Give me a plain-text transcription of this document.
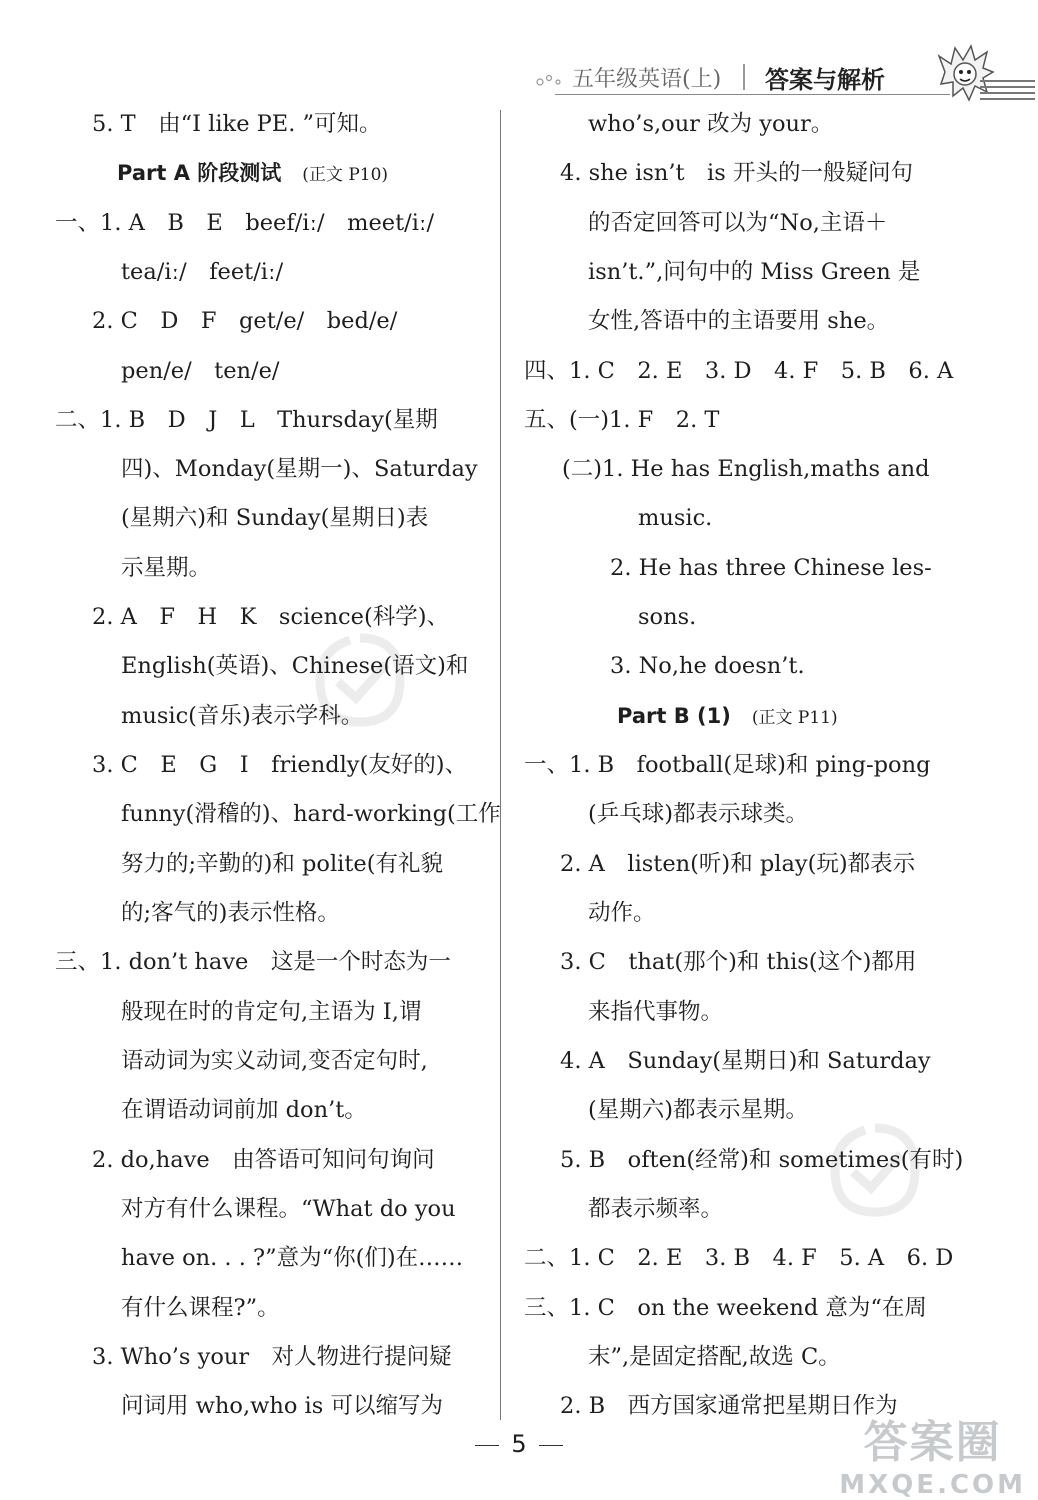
五年级英语(上) 答案与解析
5. T　由“I like PE. ”可知。
Part A 阶段测试　 (正文 P10)
一、1. A　B　E　beef/iː/　meet/iː/
tea/iː/　feet/iː/
2. C　D　F　get/e/　bed/e/
pen/e/　ten/e/
二、1. B　D　J　L　Thursday(星期
四)、Monday(星期一)、Saturday
(星期六)和 Sunday(星期日)表
示星期。
2. A　F　H　K　science(科学)、
English(英语)、Chinese(语文)和
music(音乐)表示学科。
3. C　E　G　I　friendly(友好的)、
funny(滑稽的)、hard-working(工作
努力的;辛勤的)和 polite(有礼貌
的;客气的)表示性格。
三、1. don’t have　这是一个时态为一
般现在时的肯定句,主语为 I,谓
语动词为实义动词,变否定句时,
在谓语动词前加 don’t。
2. do,have　由答语可知问句询问
对方有什么课程。“What do you
have on. . . ?”意为“你(们)在……
有什么课程?”。
3. Who’s your　对人物进行提问疑
问词用 who,who is 可以缩写为
who’s,our 改为 your。
4. she isn’t　is 开头的一般疑问句
的否定回答可以为“No,主语＋
isn’t.”,问句中的 Miss Green 是
女性,答语中的主语要用 she。
四、1. C　2. E　3. D　4. F　5. B　6. A
五、(一)1. F　2. T
(二)1. He has English,maths and
music.
2. He has three Chinese les-
sons.
3. No,he doesn’t.
Part B (1)　 (正文 P11)
一、1. B　football(足球)和 ping-pong
(乒乓球)都表示球类。
2. A　listen(听)和 play(玩)都表示
动作。
3. C　that(那个)和 this(这个)都用
来指代事物。
4. A　Sunday(星期日)和 Saturday
(星期六)都表示星期。
5. B　often(经常)和 sometimes(有时)
都表示频率。
二、1. C　2. E　3. B　4. F　5. A　6. D
三、1. C　on the weekend 意为“在周
末”,是固定搭配,故选 C。
2. B　西方国家通常把星期日作为
5	答案圈
MXQE.COM
